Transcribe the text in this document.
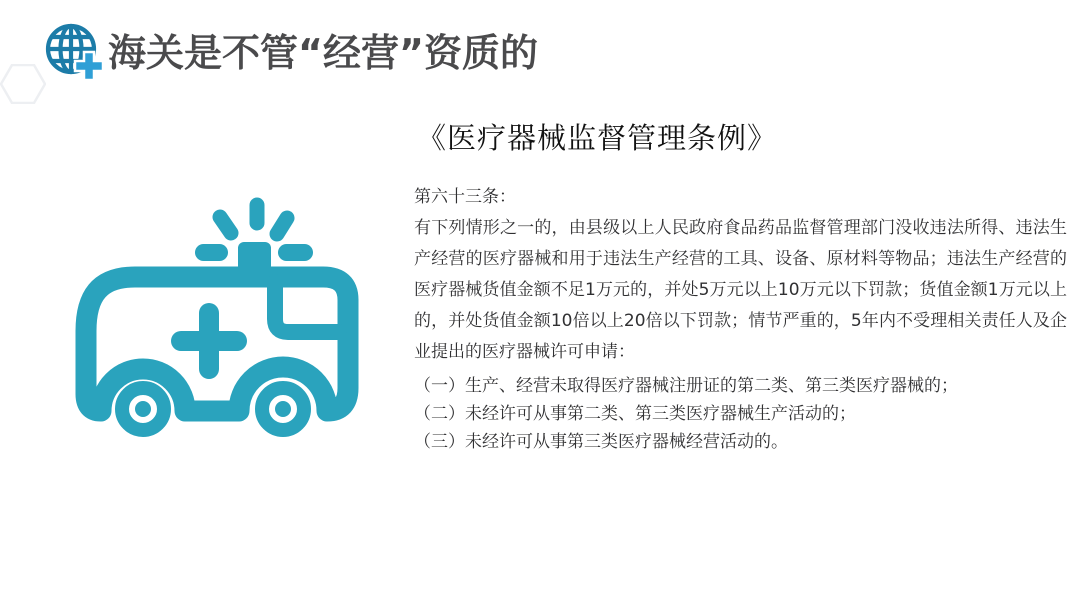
海关是不管“经营”资质的
《医疗器械监督管理条例》
第六十三条：
有下列情形之一的，由县级以上人民政府食品药品监督管理部门没收违法所得、违法生产经营的医疗器械和用于违法生产经营的工具、设备、原材料等物品；违法生产经营的医疗器械货值金额不足1万元的，并处5万元以上10万元以下罚款；货值金额1万元以上的，并处货值金额10倍以上20倍以下罚款；情节严重的，5年内不受理相关责任人及企业提出的医疗器械许可申请：
（一）生产、经营未取得医疗器械注册证的第二类、第三类医疗器械的；
（二）未经许可从事第二类、第三类医疗器械生产活动的；
（三）未经许可从事第三类医疗器械经营活动的。
